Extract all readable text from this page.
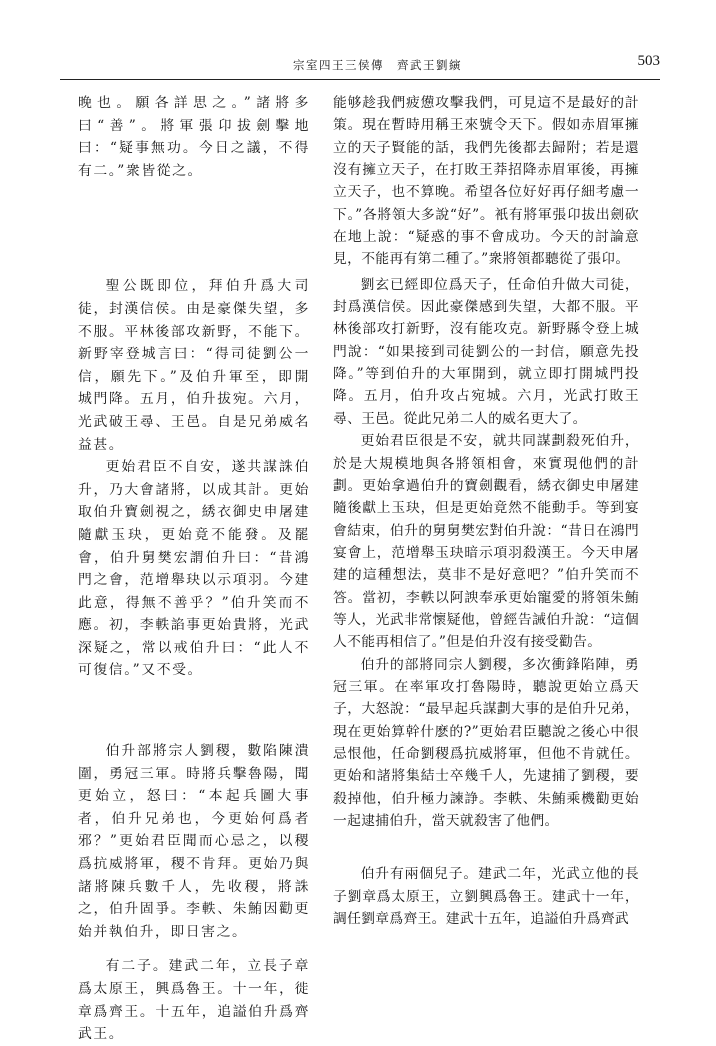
宗室四王三侯傳　齊武王劉縯	503

晚也。願各詳思之。”諸將多曰“善”。將軍張卬拔劍擊地曰：“疑事無功。今日之議，不得有二。”衆皆從之。

聖公既即位，拜伯升爲大司徒，封漢信侯。由是豪傑失望，多不服。平林後部攻新野，不能下。新野宰登城言曰：“得司徒劉公一信，願先下。”及伯升軍至，即開城門降。五月，伯升拔宛。六月，光武破王尋、王邑。自是兄弟威名益甚。

更始君臣不自安，遂共謀誅伯升，乃大會諸將，以成其計。更始取伯升寶劍視之，綉衣御史申屠建隨獻玉玦，更始竟不能發。及罷會，伯升舅樊宏謂伯升曰：“昔鴻門之會，范增舉玦以示項羽。今建此意，得無不善乎？”伯升笑而不應。初，李軼諂事更始貴將，光武深疑之，常以戒伯升曰：“此人不可復信。”又不受。

伯升部將宗人劉稷，數陷陳潰圍，勇冠三軍。時將兵擊魯陽，聞更始立，怒曰：“本起兵圖大事者，伯升兄弟也，今更始何爲者邪？”更始君臣聞而心忌之，以稷爲抗威將軍，稷不肯拜。更始乃與諸將陳兵數千人，先收稷，將誅之，伯升固爭。李軼、朱鮪因勸更始并執伯升，即日害之。

有二子。建武二年，立長子章爲太原王，興爲魯王。十一年，徙章爲齊王。十五年，追謚伯升爲齊武王。

能够趁我們疲憊攻擊我們，可見這不是最好的計策。現在暫時用稱王來號令天下。假如赤眉軍擁立的天子賢能的話，我們先後都去歸附；若是還沒有擁立天子，在打敗王莽招降赤眉軍後，再擁立天子，也不算晚。希望各位好好再仔細考慮一下。”各將領大多說“好”。衹有將軍張卬拔出劍砍在地上說：“疑惑的事不會成功。今天的討論意見，不能再有第二種了。”衆將領都聽從了張卬。

劉玄已經即位爲天子，任命伯升做大司徒，封爲漢信侯。因此豪傑感到失望，大都不服。平林後部攻打新野，沒有能攻克。新野縣令登上城門說：“如果接到司徒劉公的一封信，願意先投降。”等到伯升的大軍開到，就立即打開城門投降。五月，伯升攻占宛城。六月，光武打敗王尋、王邑。從此兄弟二人的威名更大了。

更始君臣很是不安，就共同謀劃殺死伯升，於是大規模地與各將領相會，來實現他們的計劃。更始拿過伯升的寶劍觀看，綉衣御史申屠建隨後獻上玉玦，但是更始竟然不能動手。等到宴會結束，伯升的舅舅樊宏對伯升說：“昔日在鴻門宴會上，范增舉玉玦暗示項羽殺漢王。今天申屠建的這種想法，莫非不是好意吧？”伯升笑而不答。當初，李軼以阿諛奉承更始寵愛的將領朱鮪等人，光武非常懷疑他，曾經告誡伯升說：“這個人不能再相信了。”但是伯升沒有接受勸告。

伯升的部將同宗人劉稷，多次衝鋒陷陣，勇冠三軍。在率軍攻打魯陽時，聽說更始立爲天子，大怒說：“最早起兵謀劃大事的是伯升兄弟，現在更始算幹什麽的?”更始君臣聽說之後心中很忌恨他，任命劉稷爲抗威將軍，但他不肯就任。更始和諸將集結士卒幾千人，先逮捕了劉稷，要殺掉他，伯升極力諫諍。李軼、朱鮪乘機勸更始一起逮捕伯升，當天就殺害了他們。

伯升有兩個兒子。建武二年，光武立他的長子劉章爲太原王，立劉興爲魯王。建武十一年，調任劉章爲齊王。建武十五年，追謚伯升爲齊武
